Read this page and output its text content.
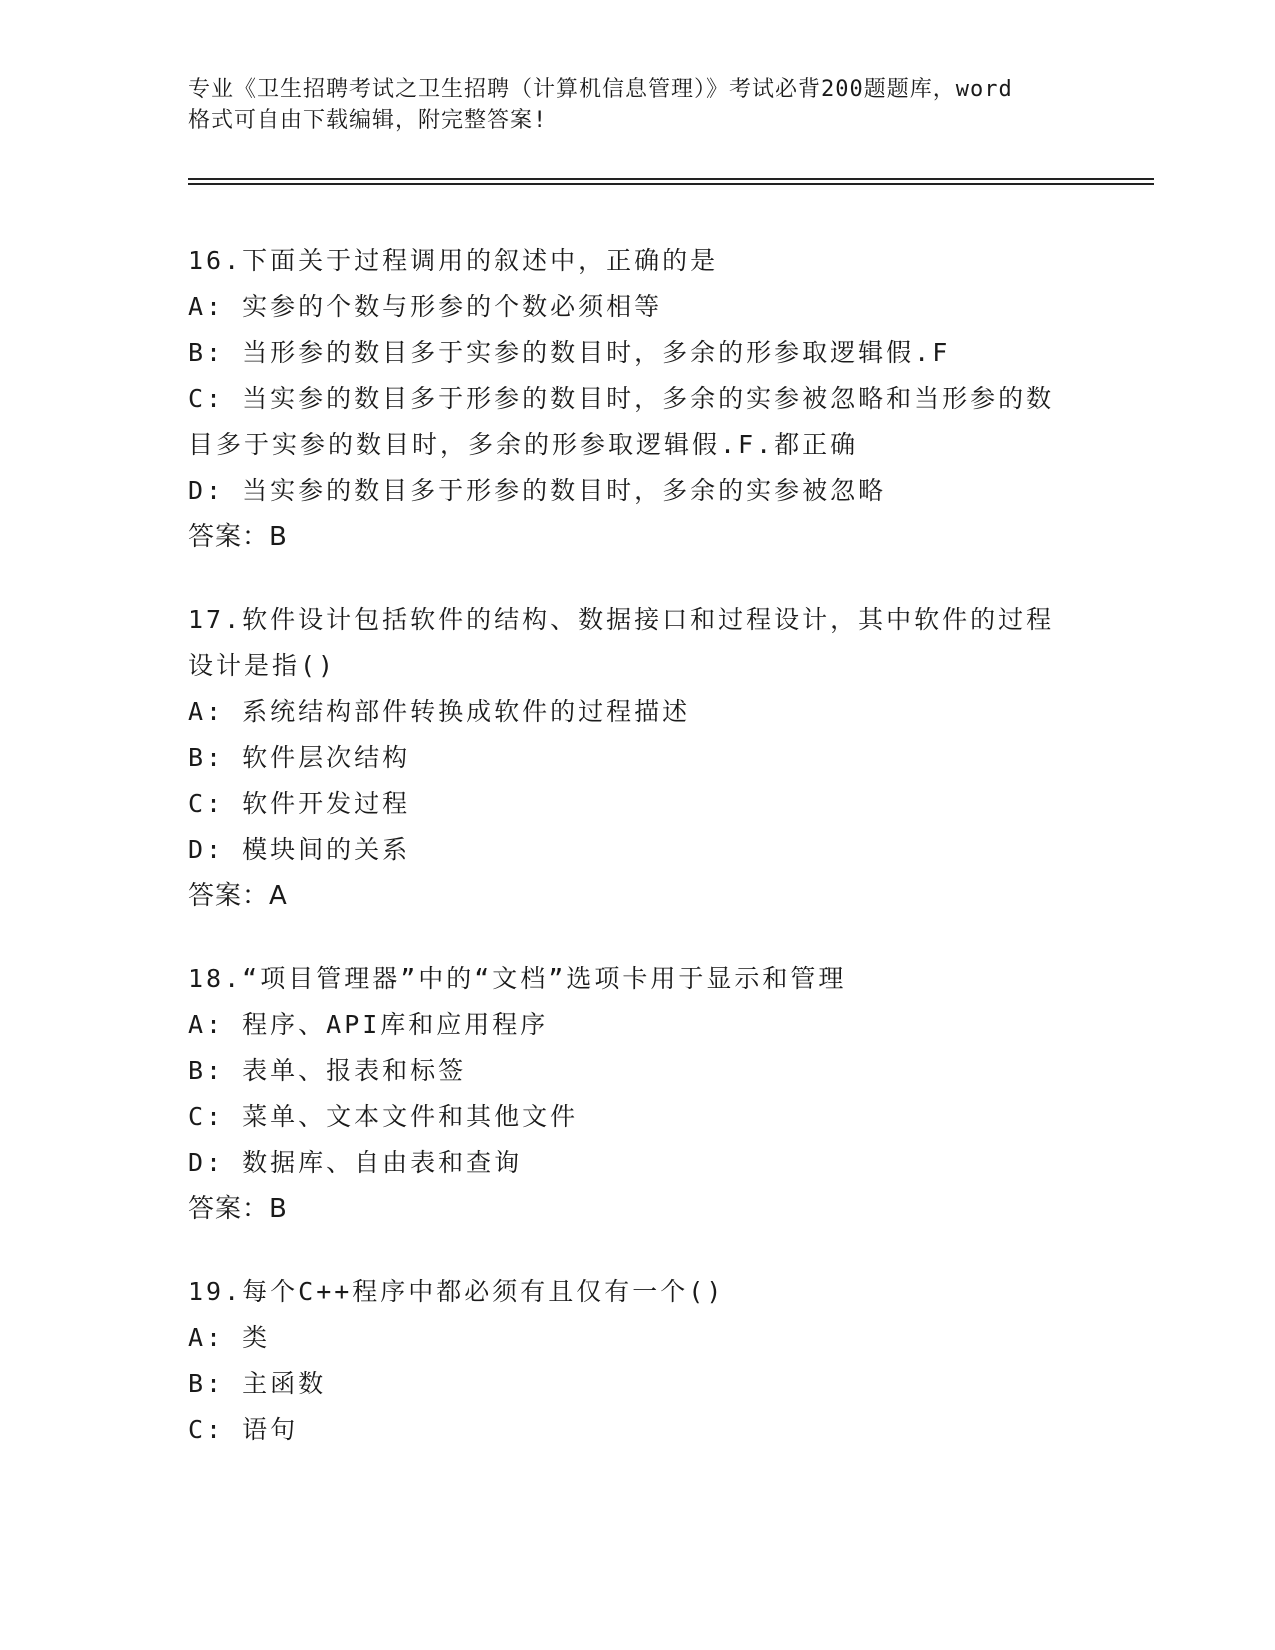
专业《卫生招聘考试之卫生招聘（计算机信息管理）》考试必背200题题库，word
格式可自由下载编辑，附完整答案!
16.下面关于过程调用的叙述中，正确的是
A: 实参的个数与形参的个数必须相等
B: 当形参的数目多于实参的数目时，多余的形参取逻辑假.F
C: 当实参的数目多于形参的数目时，多余的实参被忽略和当形参的数
目多于实参的数目时，多余的形参取逻辑假.F.都正确
D: 当实参的数目多于形参的数目时，多余的实参被忽略
答案：B
17.软件设计包括软件的结构、数据接口和过程设计，其中软件的过程
设计是指()
A: 系统结构部件转换成软件的过程描述
B: 软件层次结构
C: 软件开发过程
D: 模块间的关系
答案：A
18.“项目管理器”中的“文档”选项卡用于显示和管理
A: 程序、API库和应用程序
B: 表单、报表和标签
C: 菜单、文本文件和其他文件
D: 数据库、自由表和查询
答案：B
19.每个C++程序中都必须有且仅有一个()
A: 类
B: 主函数
C: 语句
